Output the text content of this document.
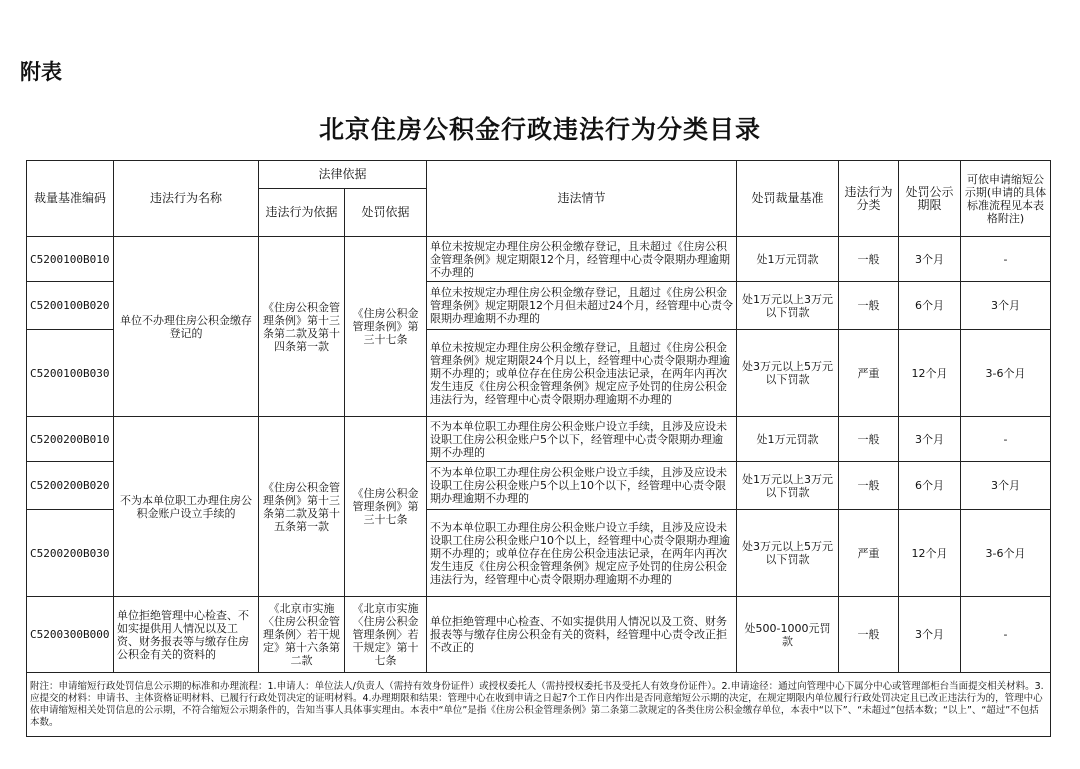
附表
北京住房公积金行政违法行为分类目录
裁量基准编码	违法行为名称	法律依据		违法情节	处罚裁量基准	违法行为分类	处罚公示期限	可依申请缩短公示期(申请的具体标准流程见本表格附注)
		违法行为依据	处罚依据					
C5200100B010	单位不办理住房公积金缴存登记的	《住房公积金管理条例》第十三条第二款及第十四条第一款	《住房公积金管理条例》第三十七条	单位未按规定办理住房公积金缴存登记，且未超过《住房公积金管理条例》规定期限12个月，经管理中心责令限期办理逾期不办理的	处1万元罚款	一般	3个月	-
C5200100B020				单位未按规定办理住房公积金缴存登记，且超过《住房公积金管理条例》规定期限12个月但未超过24个月，经管理中心责令限期办理逾期不办理的	处1万元以上3万元以下罚款	一般	6个月	3个月
C5200100B030				单位未按规定办理住房公积金缴存登记，且超过《住房公积金管理条例》规定期限24个月以上，经管理中心责令限期办理逾期不办理的；或单位存在住房公积金违法记录，在两年内再次发生违反《住房公积金管理条例》规定应予处罚的住房公积金违法行为，经管理中心责令限期办理逾期不办理的	处3万元以上5万元以下罚款	严重	12个月	3-6个月
C5200200B010	不为本单位职工办理住房公积金账户设立手续的	《住房公积金管理条例》第十三条第二款及第十五条第一款	《住房公积金管理条例》第三十七条	不为本单位职工办理住房公积金账户设立手续，且涉及应设未设职工住房公积金账户5个以下，经管理中心责令限期办理逾期不办理的	处1万元罚款	一般	3个月	-
C5200200B020				不为本单位职工办理住房公积金账户设立手续，且涉及应设未设职工住房公积金账户5个以上10个以下，经管理中心责令限期办理逾期不办理的	处1万元以上3万元以下罚款	一般	6个月	3个月
C5200200B030				不为本单位职工办理住房公积金账户设立手续，且涉及应设未设职工住房公积金账户10个以上，经管理中心责令限期办理逾期不办理的；或单位存在住房公积金违法记录，在两年内再次发生违反《住房公积金管理条例》规定应予处罚的住房公积金违法行为，经管理中心责令限期办理逾期不办理的	处3万元以上5万元以下罚款	严重	12个月	3-6个月
C5200300B000	单位拒绝管理中心检查、不如实提供用人情况以及工资、财务报表等与缴存住房公积金有关的资料的	《北京市实施〈住房公积金管理条例〉若干规定》第十六条第二款	《北京市实施〈住房公积金管理条例〉若干规定》第十七条	单位拒绝管理中心检查、不如实提供用人情况以及工资、财务报表等与缴存住房公积金有关的资料，经管理中心责令改正拒不改正的	处500-1000元罚款	一般	3个月	-
附注：申请缩短行政处罚信息公示期的标准和办理流程：1.申请人：单位法人/负责人（需持有效身份证件）或授权委托人（需持授权委托书及受托人有效身份证件）。2.申请途径：通过向管理中心下属分中心或管理部柜台当面提交相关材料。3.应提交的材料：申请书、主体资格证明材料、已履行行政处罚决定的证明材料。4.办理期限和结果：管理中心在收到申请之日起7个工作日内作出是否同意缩短公示期的决定，在规定期限内单位履行行政处罚决定且已改正违法行为的，管理中心依申请缩短相关处罚信息的公示期，不符合缩短公示期条件的，告知当事人具体事实理由。本表中“单位”是指《住房公积金管理条例》第二条第二款规定的各类住房公积金缴存单位，本表中“以下”、“未超过”包括本数；“以上”、“超过”不包括本数。								
